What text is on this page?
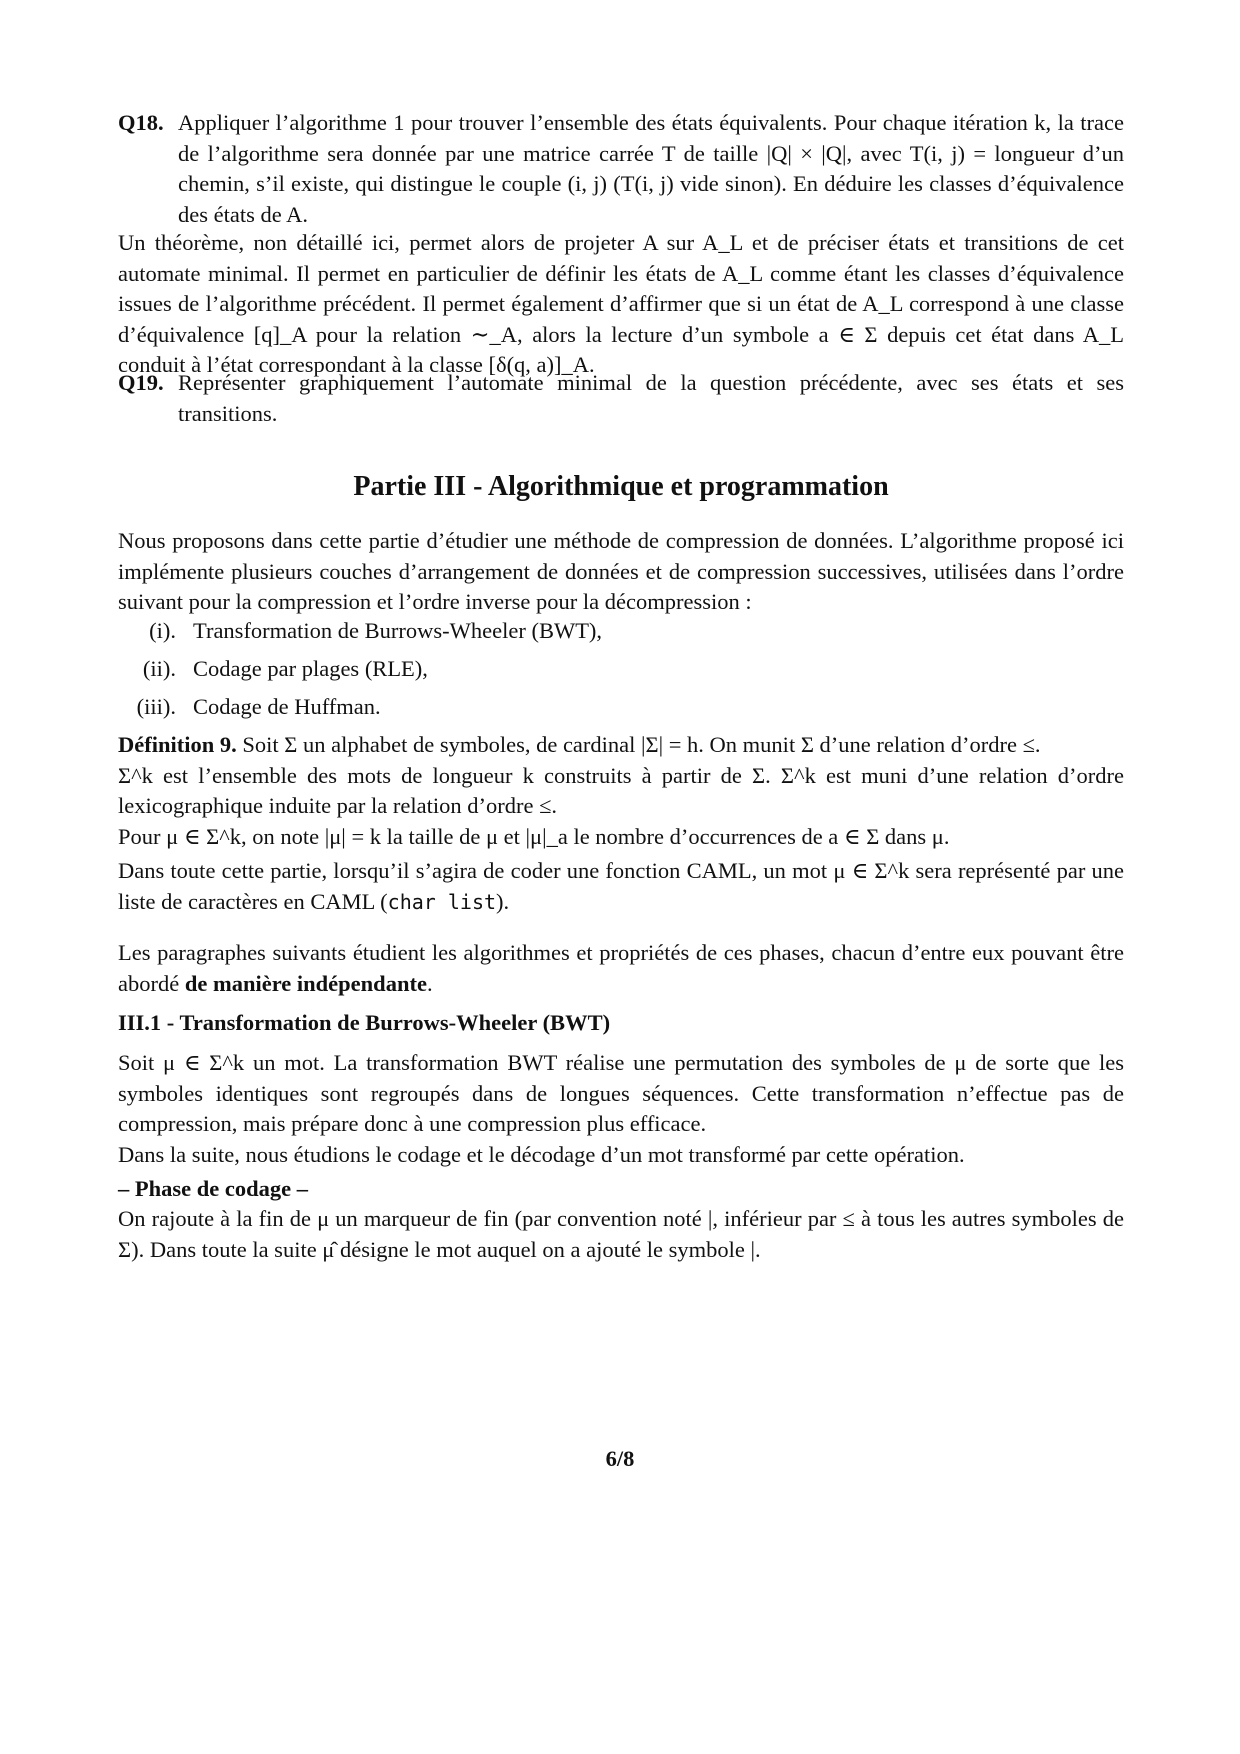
Q18. Appliquer l’algorithme 1 pour trouver l’ensemble des états équivalents. Pour chaque itération k, la trace de l’algorithme sera donnée par une matrice carrée T de taille |Q| × |Q|, avec T(i, j) = longueur d’un chemin, s’il existe, qui distingue le couple (i, j) (T(i, j) vide sinon). En déduire les classes d’équivalence des états de A.

Un théorème, non détaillé ici, permet alors de projeter A sur A_L et de préciser états et transitions de cet automate minimal. Il permet en particulier de définir les états de A_L comme étant les classes d’équivalence issues de l’algorithme précédent. Il permet également d’affirmer que si un état de A_L correspond à une classe d’équivalence [q]_A pour la relation ∼_A, alors la lecture d’un symbole a ∈ Σ depuis cet état dans A_L conduit à l’état correspondant à la classe [δ(q, a)]_A.

Q19. Représenter graphiquement l’automate minimal de la question précédente, avec ses états et ses transitions.

Partie III - Algorithmique et programmation

Nous proposons dans cette partie d’étudier une méthode de compression de données. L’algorithme proposé ici implémente plusieurs couches d’arrangement de données et de compression successives, utilisées dans l’ordre suivant pour la compression et l’ordre inverse pour la décompression :

(i). Transformation de Burrows-Wheeler (BWT),
(ii). Codage par plages (RLE),
(iii). Codage de Huffman.
Définition 9. Soit Σ un alphabet de symboles, de cardinal |Σ| = h. On munit Σ d’une relation d’ordre ≤.
Σ^k est l’ensemble des mots de longueur k construits à partir de Σ. Σ^k est muni d’une relation d’ordre lexicographique induite par la relation d’ordre ≤.
Pour μ ∈ Σ^k, on note |μ| = k la taille de μ et |μ|_a le nombre d’occurrences de a ∈ Σ dans μ.

Dans toute cette partie, lorsqu’il s’agira de coder une fonction CAML, un mot μ ∈ Σ^k sera représenté par une liste de caractères en CAML (char list).

Les paragraphes suivants étudient les algorithmes et propriétés de ces phases, chacun d’entre eux pouvant être abordé de manière indépendante.

III.1 - Transformation de Burrows-Wheeler (BWT)
Soit μ ∈ Σ^k un mot. La transformation BWT réalise une permutation des symboles de μ de sorte que les symboles identiques sont regroupés dans de longues séquences. Cette transformation n’effectue pas de compression, mais prépare donc à une compression plus efficace.
Dans la suite, nous étudions le codage et le décodage d’un mot transformé par cette opération.
– Phase de codage –

On rajoute à la fin de μ un marqueur de fin (par convention noté |, inférieur par ≤ à tous les autres symboles de Σ). Dans toute la suite μ̂ désigne le mot auquel on a ajouté le symbole |.

6/8
